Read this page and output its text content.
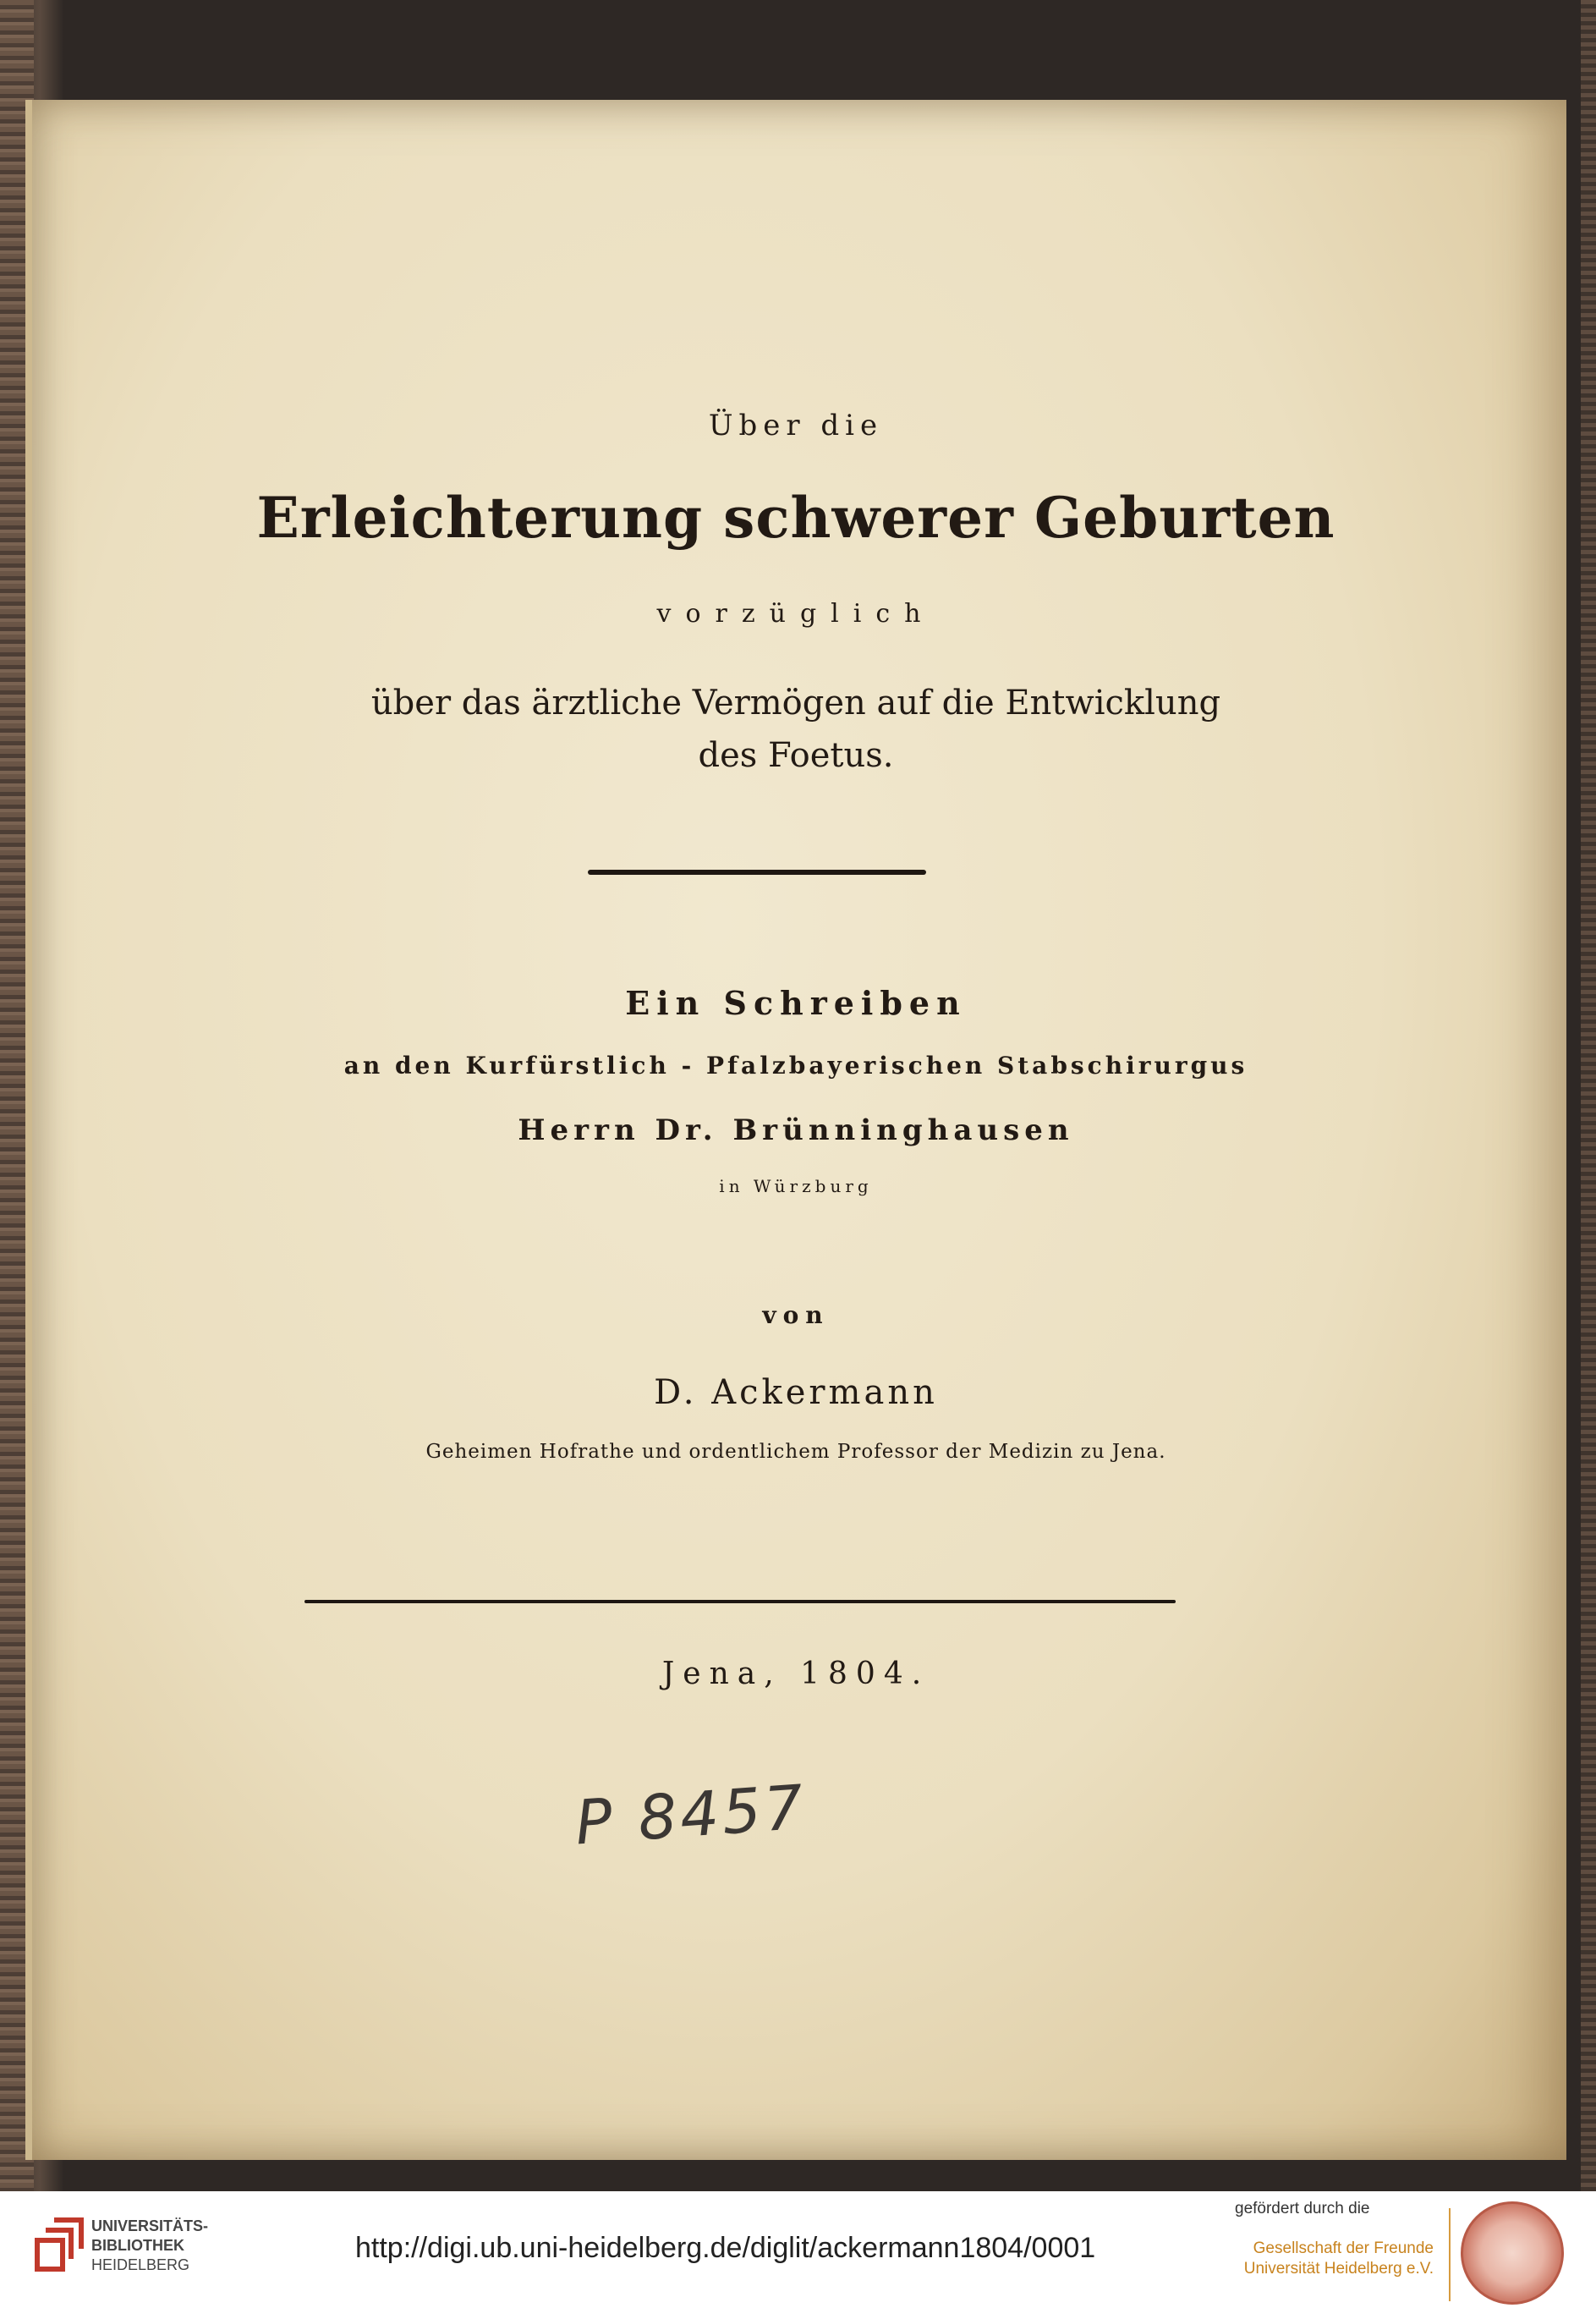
Über die
Erleichterung schwerer Geburten
vorzüglich
über das ärztliche Vermögen auf die Entwicklung
des Foetus.
Ein Schreiben
an den Kurfürstlich - Pfalzbayerischen Stabschirurgus
Herrn Dr. Brünninghausen
in Würzburg
von
D. Ackermann
Geheimen Hofrathe und ordentlichem Professor der Medizin zu Jena.
Jena, 1804.
P 8457
UNIVERSITÄTS-
BIBLIOTHEK
HEIDELBERG
http://digi.ub.uni-heidelberg.de/diglit/ackermann1804/0001
gefördert durch die
Gesellschaft der Freunde
Universität Heidelberg e.V.
